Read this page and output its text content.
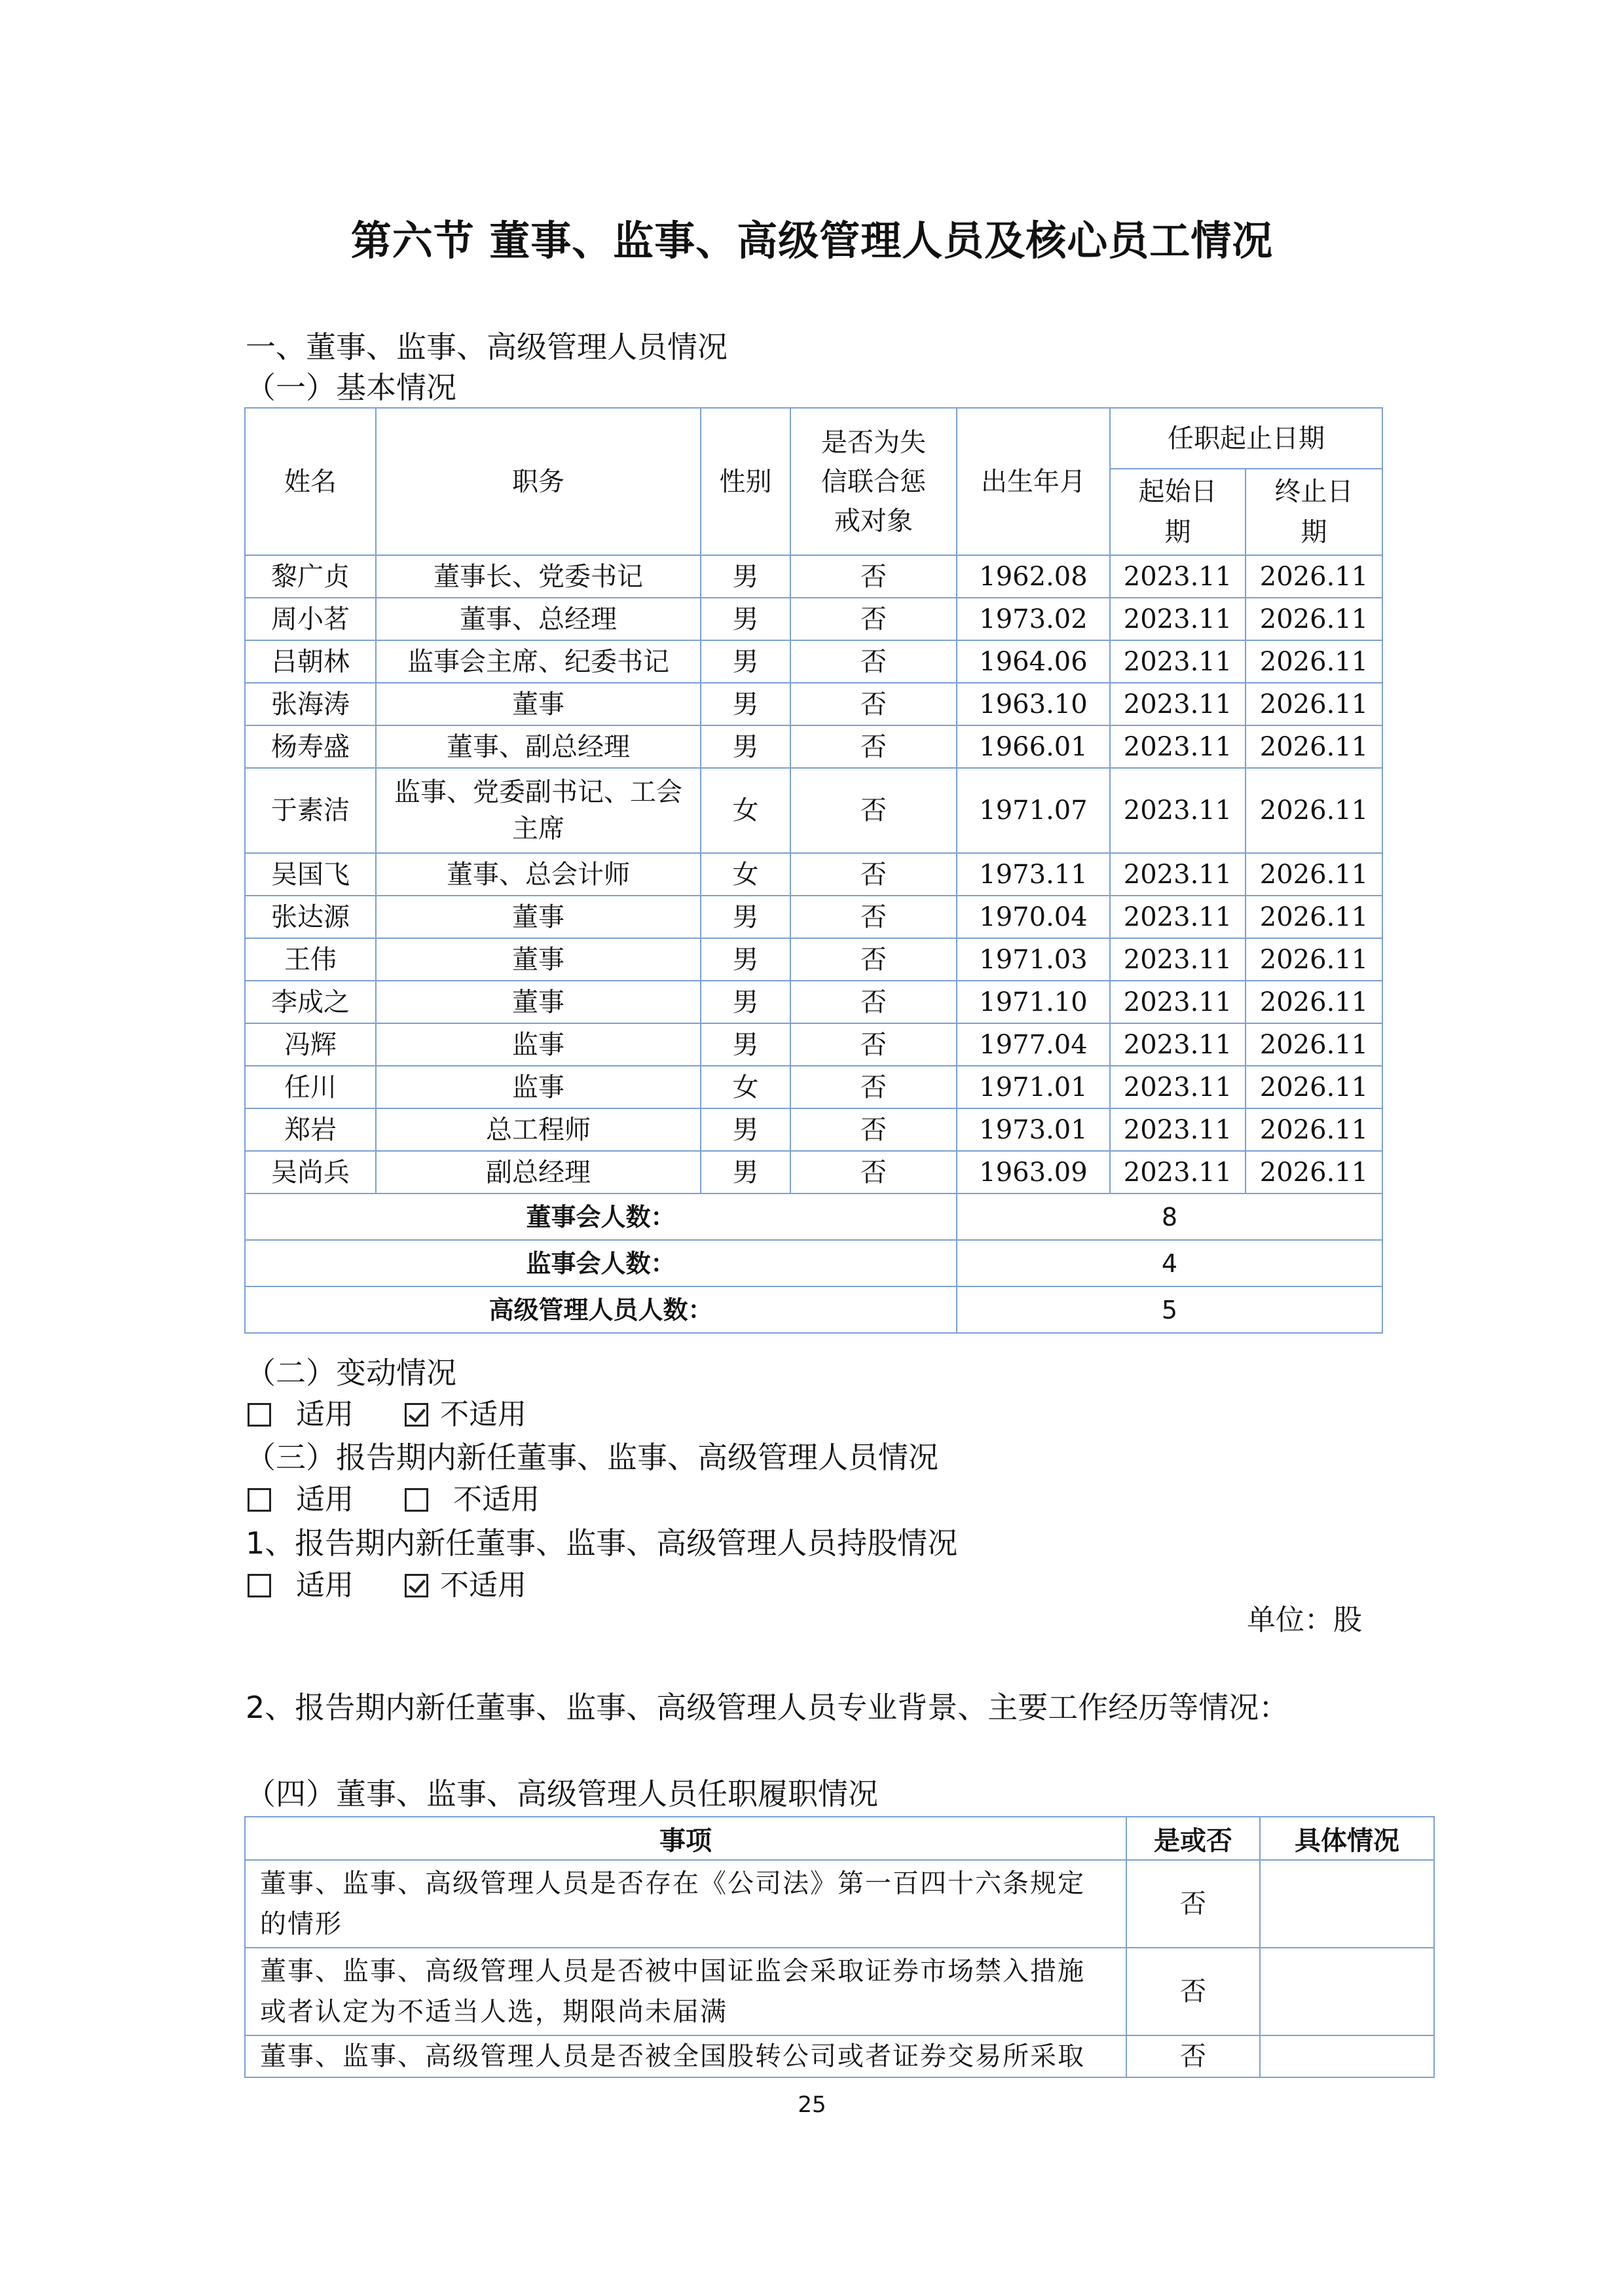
第六节 董事、监事、高级管理人员及核心员工情况
一、董事、监事、高级管理人员情况
（一）基本情况
姓名	职务	性别	是否为失信联合惩戒对象	出生年月	任职起止日期	
					起始日期	终止日期
黎广贞	董事长、党委书记	男	否	1962.08	2023.11	2026.11
周小茗	董事、总经理	男	否	1973.02	2023.11	2026.11
吕朝林	监事会主席、纪委书记	男	否	1964.06	2023.11	2026.11
张海涛	董事	男	否	1963.10	2023.11	2026.11
杨寿盛	董事、副总经理	男	否	1966.01	2023.11	2026.11
于素洁	监事、党委副书记、工会主席	女	否	1971.07	2023.11	2026.11
吴国飞	董事、总会计师	女	否	1973.11	2023.11	2026.11
张达源	董事	男	否	1970.04	2023.11	2026.11
王伟	董事	男	否	1971.03	2023.11	2026.11
李成之	董事	男	否	1971.10	2023.11	2026.11
冯辉	监事	男	否	1977.04	2023.11	2026.11
任川	监事	女	否	1971.01	2023.11	2026.11
郑岩	总工程师	男	否	1973.01	2023.11	2026.11
吴尚兵	副总经理	男	否	1963.09	2023.11	2026.11
董事会人数：				8		
监事会人数：				4		
高级管理人员人数：				5		
（二）变动情况
适用	不适用
（三）报告期内新任董事、监事、高级管理人员情况
适用	不适用
1、报告期内新任董事、监事、高级管理人员持股情况
适用	不适用
单位：股
2、报告期内新任董事、监事、高级管理人员专业背景、主要工作经历等情况：
（四）董事、监事、高级管理人员任职履职情况
事项	是或否	具体情况
董事、监事、高级管理人员是否存在《公司法》第一百四十六条规定
的情形	否	
董事、监事、高级管理人员是否被中国证监会采取证券市场禁入措施
或者认定为不适当人选，期限尚未届满	否	
董事、监事、高级管理人员是否被全国股转公司或者证券交易所采取	否	
25
